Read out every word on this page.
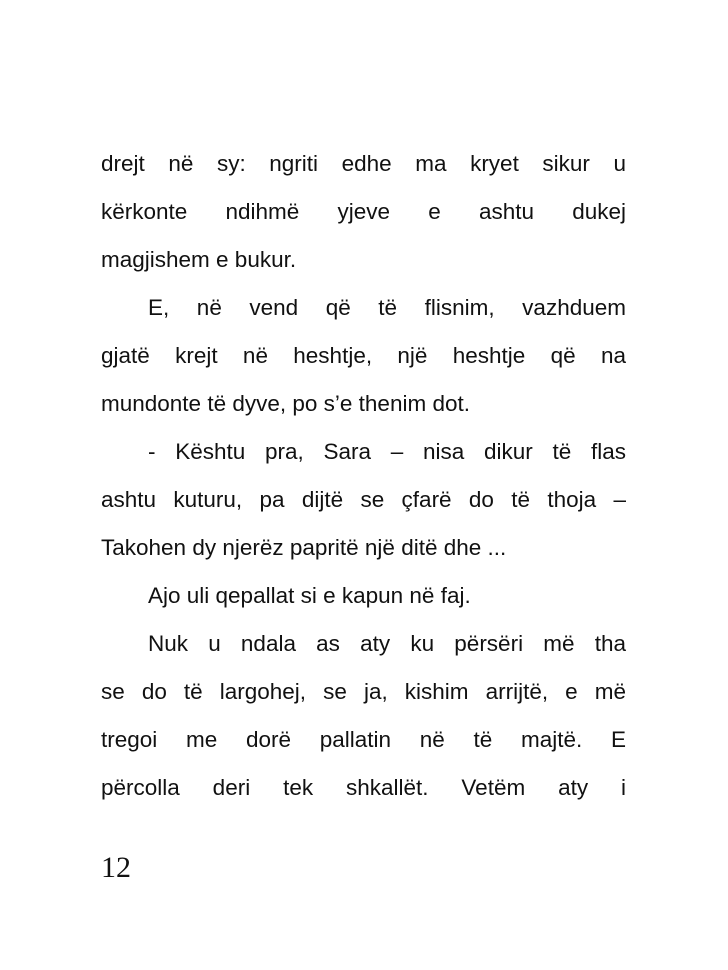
drejt në sy: ngriti edhe ma kryet sikur u
kërkonte ndihmë yjeve e ashtu dukej
magjishem e bukur.
E, në vend që të flisnim, vazhduem
gjatë krejt në heshtje, një heshtje që na
mundonte të dyve, po s’e thenim dot.
- Kështu pra, Sara – nisa dikur të flas
ashtu kuturu, pa dijtë se çfarë do të thoja –
Takohen dy njerëz papritë një ditë dhe ...
Ajo uli qepallat si e kapun në faj.
Nuk u ndala as aty ku përsëri më tha
se do të largohej, se ja, kishim arrijtë, e më
tregoi me dorë pallatin në të majtë. E
përcolla deri tek shkallët. Vetëm aty i
12
